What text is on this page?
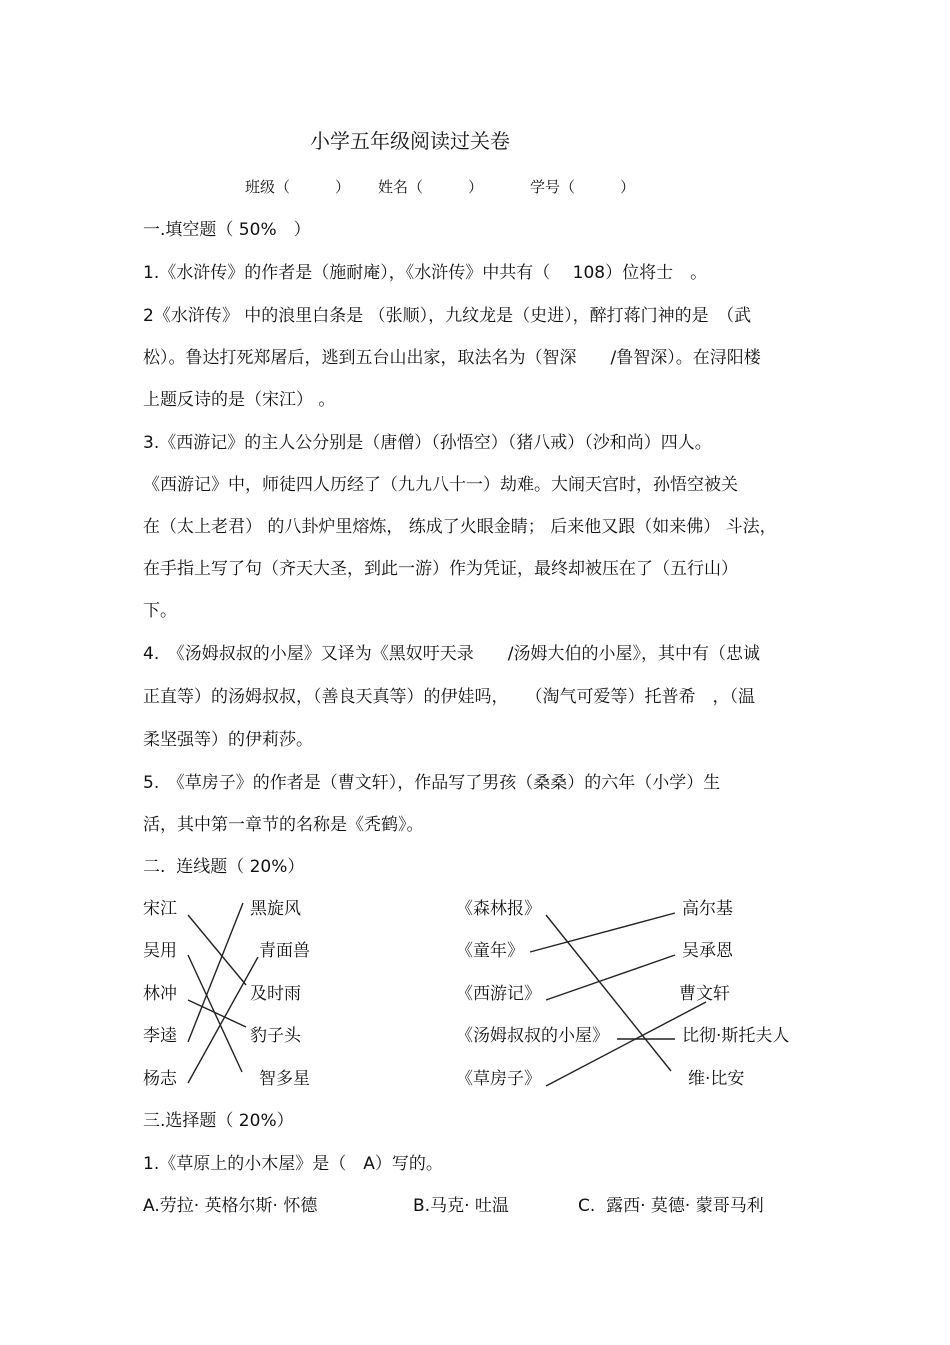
小学五年级阅读过关卷
班级（　　　） 姓名（　　　）	学号（　　　）
一.填空题（ 50%　）
1.《水浒传》的作者是（施耐庵），《水浒传》中共有（　 108）位将士　。
2《水浒传》 中的浪里白条是 （张顺），九纹龙是（史进），醉打蒋门神的是　（武
松）。鲁达打死郑屠后，逃到五台山出家，取法名为（智深　　/鲁智深）。在浔阳楼
上题反诗的是（宋江） 。
3.《西游记》的主人公分别是（唐僧）（孙悟空）（猪八戒）（沙和尚）四人。
《西游记》中，师徒四人历经了（九九八十一）劫难。大闹天宫时，孙悟空被关
在（太上老君） 的八卦炉里熔炼， 练成了火眼金睛； 后来他又跟（如来佛） 斗法，
在手指上写了句（齐天大圣，到此一游）作为凭证，最终却被压在了（五行山）
下。
4.　《汤姆叔叔的小屋》又译为《黑奴吁天录　　/汤姆大伯的小屋》，其中有（忠诚
正直等）的汤姆叔叔，（善良天真等）的伊娃吗，　　（淘气可爱等）托普希　，（温
柔坚强等）的伊莉莎。
5.　《草房子》的作者是（曹文轩），作品写了男孩（桑桑）的六年（小学）生
活，其中第一章节的名称是《秃鹤》。
二.  连线题（ 20%）
宋江
吴用
林冲
李逵
杨志
黑旋风
青面兽
及时雨
豹子头
智多星
《森林报》
《童年》
《西游记》
《汤姆叔叔的小屋》
《草房子》
高尔基
吴承恩
曹文轩
比彻·斯托夫人
维·比安
三.选择题（ 20%）
1.《草原上的小木屋》是（　A）写的。
A.劳拉· 英格尔斯· 怀德	B.马克· 吐温	C.  露西· 莫德· 蒙哥马利
